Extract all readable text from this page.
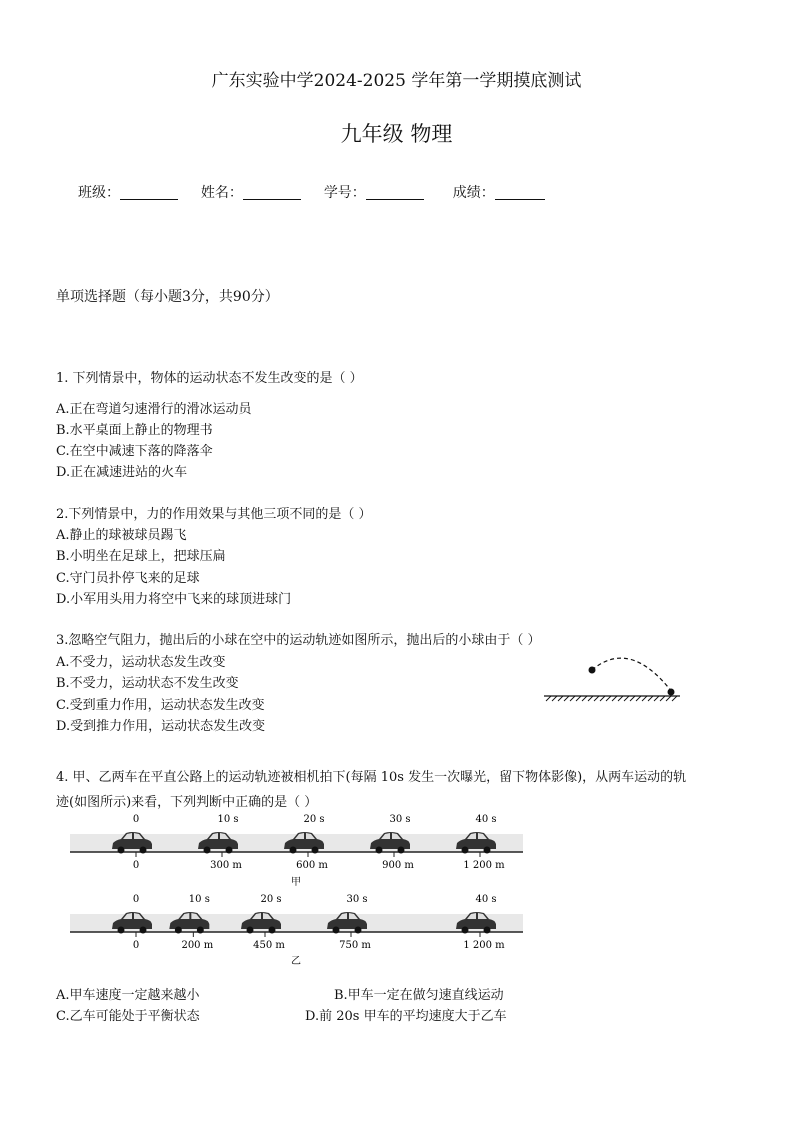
广东实验中学2024-2025 学年第一学期摸底测试
九年级 物理
班级：	姓名：	学号：	成绩：
单项选择题（每小题3分，共90分）
1. 下列情景中，物体的运动状态不发生改变的是（ ）
A.正在弯道匀速滑行的滑冰运动员
B.水平桌面上静止的物理书
C.在空中减速下落的降落伞
D.正在减速进站的火车
2.下列情景中，力的作用效果与其他三项不同的是（ ）
A.静止的球被球员踢飞
B.小明坐在足球上，把球压扁
C.守门员扑停飞来的足球
D.小军用头用力将空中飞来的球顶进球门
3.忽略空气阻力，抛出后的小球在空中的运动轨迹如图所示，抛出后的小球由于（ ）
A.不受力，运动状态发生改变
B.不受力，运动状态不发生改变
C.受到重力作用，运动状态发生改变
D.受到推力作用，运动状态发生改变
4. 甲、乙两车在平直公路上的运动轨迹被相机拍下(每隔 10s 发生一次曝光，留下物体影像)，从两车运动的轨
迹(如图所示)来看，下列判断中正确的是（ ）
0	10 s	20 s	30 s	40 s
0	300 m	600 m	900 m	1 200 m
甲
0	10 s	20 s	30 s	40 s
0	200 m	450 m	750 m	1 200 m
乙
A.甲车速度一定越来越小	B.甲车一定在做匀速直线运动
C.乙车可能处于平衡状态	D.前 20s 甲车的平均速度大于乙车
